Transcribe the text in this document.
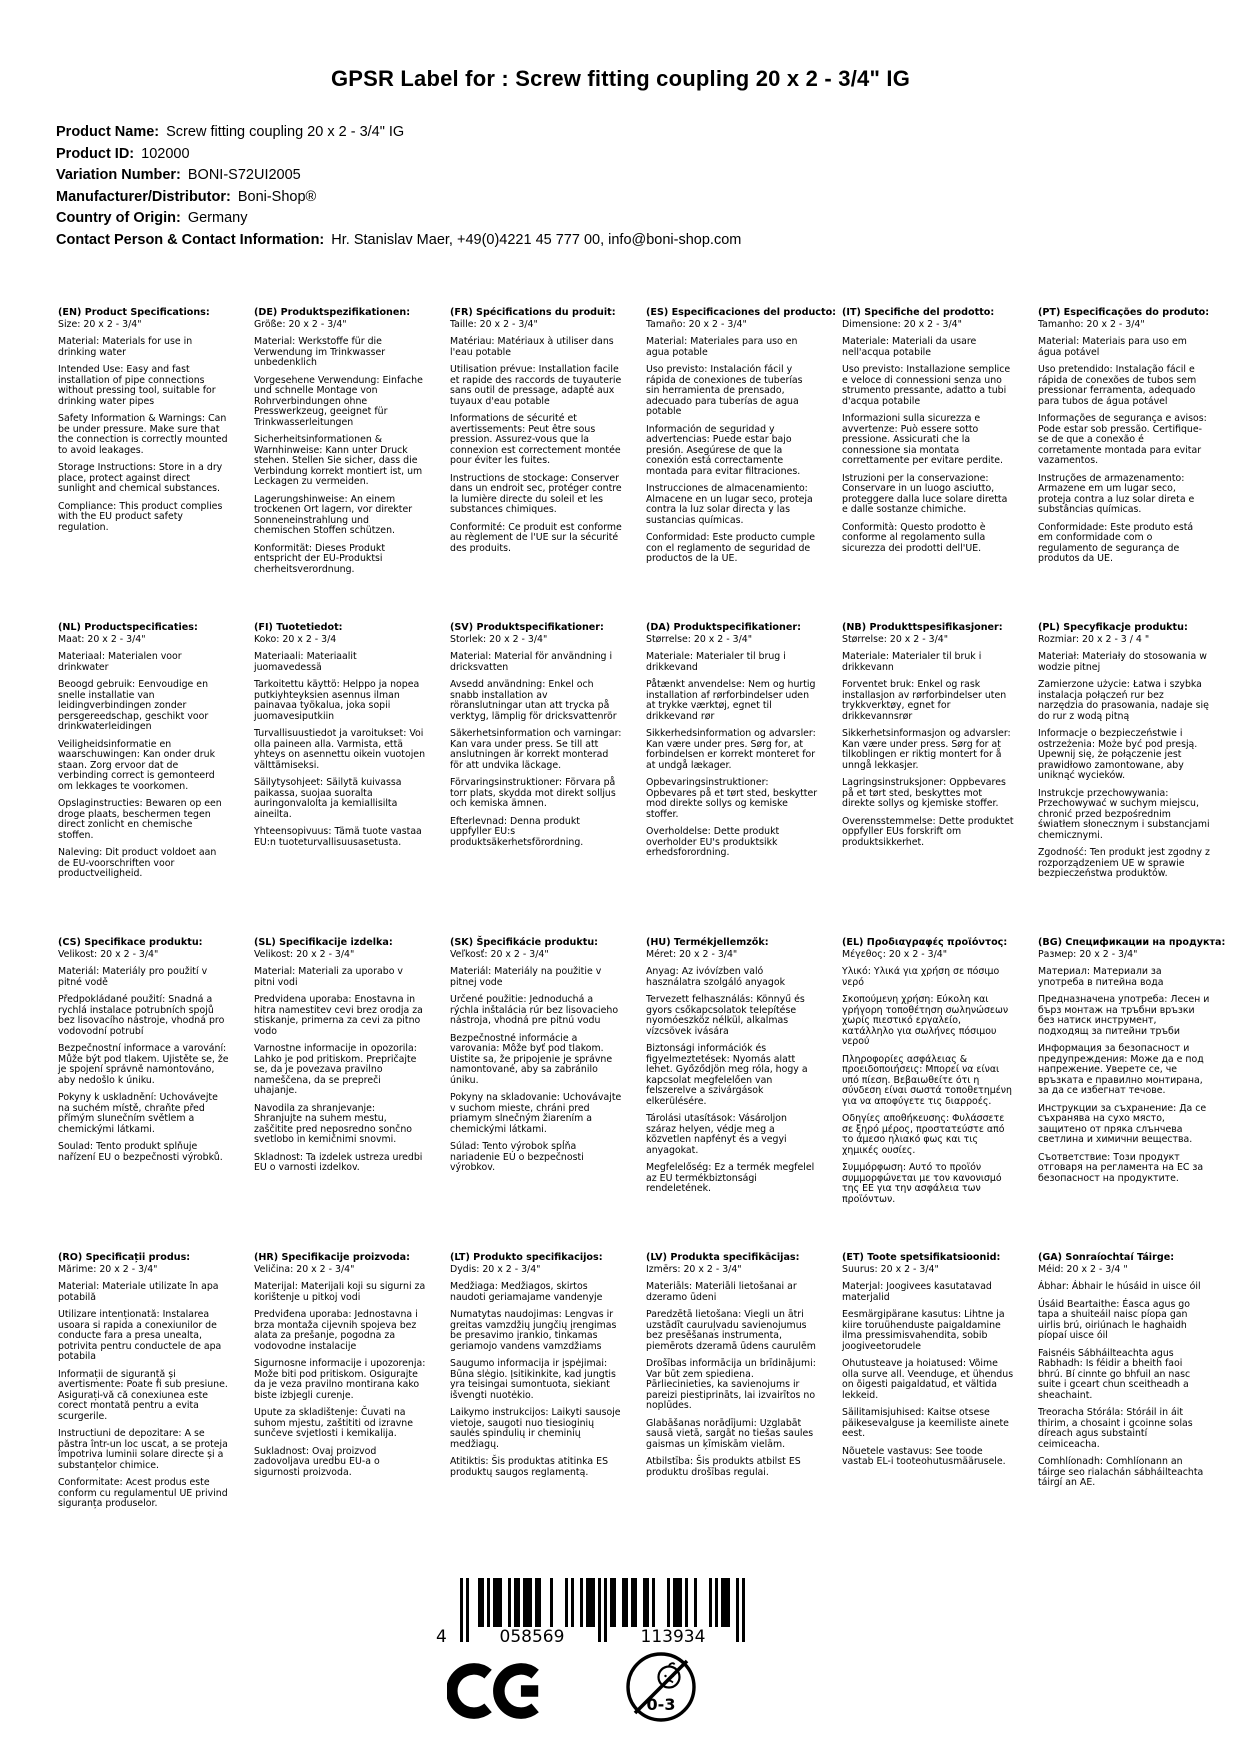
GPSR Label for : Screw fitting coupling 20 x 2 - 3/4" IG
Product Name: Screw fitting coupling 20 x 2 - 3/4" IG
Product ID: 102000
Variation Number: BONI-S72UI2005
Manufacturer/Distributor: Boni-Shop®
Country of Origin: Germany
Contact Person & Contact Information: Hr. Stanislav Maer, +49(0)4221 45 777 00, info@boni-shop.com
(EN) Product Specifications:

Size: 20 x 2 - 3/4"

Material: Materials for use in drinking water

Intended Use: Easy and fast installation of pipe connections without pressing tool, suitable for drinking water pipes

Safety Information & Warnings: Can be under pressure. Make sure that the connection is correctly mounted to avoid leakages.

Storage Instructions: Store in a dry place, protect against direct sunlight and chemical substances.

Compliance: This product complies with the EU product safety regulation.

(DE) Produktspezifikationen:

Größe: 20 x 2 - 3/4"

Material: Werkstoffe für die Verwendung im Trinkwasser unbedenklich

Vorgesehene Verwendung: Einfache und schnelle Montage von Rohrverbindungen ohne Presswerkzeug, geeignet für Trinkwasserleitungen

Sicherheitsinformationen & Warnhinweise: Kann unter Druck stehen. Stellen Sie sicher, dass die Verbindung korrekt montiert ist, um Leckagen zu vermeiden.

Lagerungshinweise: An einem trockenen Ort lagern, vor direkter Sonneneinstrahlung und chemischen Stoffen schützen.

Konformität: Dieses Produkt entspricht der EU-Produktsi cherheitsverordnung.

(FR) Spécifications du produit:

Taille: 20 x 2 - 3/4"

Matériau: Matériaux à utiliser dans l'eau potable

Utilisation prévue: Installation facile et rapide des raccords de tuyauterie sans outil de pressage, adapté aux tuyaux d'eau potable

Informations de sécurité et avertissements: Peut être sous pression. Assurez-vous que la connexion est correctement montée pour éviter les fuites.

Instructions de stockage: Conserver dans un endroit sec, protéger contre la lumière directe du soleil et les substances chimiques.

Conformité: Ce produit est conforme au règlement de l'UE sur la sécurité des produits.

(ES) Especificaciones del producto:

Tamaño: 20 x 2 - 3/4"

Material: Materiales para uso en agua potable

Uso previsto: Instalación fácil y rápida de conexiones de tuberías sin herramienta de prensado, adecuado para tuberías de agua potable

Información de seguridad y advertencias: Puede estar bajo presión. Asegúrese de que la conexión está correctamente montada para evitar filtraciones.

Instrucciones de almacenamiento: Almacene en un lugar seco, proteja contra la luz solar directa y las sustancias químicas.

Conformidad: Este producto cumple con el reglamento de seguridad de productos de la UE.

(IT) Specifiche del prodotto:

Dimensione: 20 x 2 - 3/4"

Materiale: Materiali da usare nell'acqua potabile

Uso previsto: Installazione semplice e veloce di connessioni senza uno strumento pressante, adatto a tubi d'acqua potabile

Informazioni sulla sicurezza e avvertenze: Può essere sotto pressione. Assicurati che la connessione sia montata correttamente per evitare perdite.

Istruzioni per la conservazione: Conservare in un luogo asciutto, proteggere dalla luce solare diretta e dalle sostanze chimiche.

Conformità: Questo prodotto è conforme al regolamento sulla sicurezza dei prodotti dell'UE.

(PT) Especificações do produto:

Tamanho: 20 x 2 - 3/4"

Material: Materiais para uso em água potável

Uso pretendido: Instalação fácil e rápida de conexões de tubos sem pressionar ferramenta, adequado para tubos de água potável

Informações de segurança e avisos: Pode estar sob pressão. Certifique-se de que a conexão é corretamente montada para evitar vazamentos.

Instruções de armazenamento: Armazene em um lugar seco, proteja contra a luz solar direta e substâncias químicas.

Conformidade: Este produto está em conformidade com o regulamento de segurança de produtos da UE.

(NL) Productspecificaties:

Maat: 20 x 2 - 3/4"

Materiaal: Materialen voor drinkwater

Beoogd gebruik: Eenvoudige en snelle installatie van leidingverbindingen zonder persgereedschap, geschikt voor drinkwaterleidingen

Veiligheidsinformatie en waarschuwingen: Kan onder druk staan. Zorg ervoor dat de verbinding correct is gemonteerd om lekkages te voorkomen.

Opslaginstructies: Bewaren op een droge plaats, beschermen tegen direct zonlicht en chemische stoffen.

Naleving: Dit product voldoet aan de EU-voorschriften voor productveiligheid.

(FI) Tuotetiedot:

Koko: 20 x 2 - 3/4

Materiaali: Materiaalit juomavedessä

Tarkoitettu käyttö: Helppo ja nopea putkiyhteyksien asennus ilman painavaa työkalua, joka sopii juomavesiputkiin

Turvallisuustiedot ja varoitukset: Voi olla paineen alla. Varmista, että yhteys on asennettu oikein vuotojen välttämiseksi.

Säilytysohjeet: Säilytä kuivassa paikassa, suojaa suoralta auringonvalolta ja kemiallisilta aineilta.

Yhteensopivuus: Tämä tuote vastaa EU:n tuoteturvallisuusasetusta.

(SV) Produktspecifikationer:

Storlek: 20 x 2 - 3/4"

Material: Material för användning i dricksvatten

Avsedd användning: Enkel och snabb installation av röranslutningar utan att trycka på verktyg, lämplig för dricksvattenrör

Säkerhetsinformation och varningar: Kan vara under press. Se till att anslutningen är korrekt monterad för att undvika läckage.

Förvaringsinstruktioner: Förvara på torr plats, skydda mot direkt solljus och kemiska ämnen.

Efterlevnad: Denna produkt uppfyller EU:s produktsäkerhetsförordning.

(DA) Produktspecifikationer:

Størrelse: 20 x 2 - 3/4"

Materiale: Materialer til brug i drikkevand

Påtænkt anvendelse: Nem og hurtig installation af rørforbindelser uden at trykke værktøj, egnet til drikkevand rør

Sikkerhedsinformation og advarsler: Kan være under pres. Sørg for, at forbindelsen er korrekt monteret for at undgå lækager.

Opbevaringsinstruktioner: Opbevares på et tørt sted, beskytter mod direkte sollys og kemiske stoffer.

Overholdelse: Dette produkt overholder EU's produktsikk erhedsforordning.

(NB) Produkttspesifikasjoner:

Størrelse: 20 x 2 - 3/4"

Materiale: Materialer til bruk i drikkevann

Forventet bruk: Enkel og rask installasjon av rørforbindelser uten trykkverktøy, egnet for drikkevannsrør

Sikkerhetsinformasjon og advarsler: Kan være under press. Sørg for at tilkoblingen er riktig montert for å unngå lekkasjer.

Lagringsinstruksjoner: Oppbevares på et tørt sted, beskyttes mot direkte sollys og kjemiske stoffer.

Overensstemmelse: Dette produktet oppfyller EUs forskrift om produktsikkerhet.

(PL) Specyfikacje produktu:

Rozmiar: 20 x 2 - 3 / 4 "

Materiał: Materiały do stosowania w wodzie pitnej

Zamierzone użycie: Łatwa i szybka instalacja połączeń rur bez narzędzia do prasowania, nadaje się do rur z wodą pitną

Informacje o bezpieczeństwie i ostrzeżenia: Może być pod presją. Upewnij się, że połączenie jest prawidłowo zamontowane, aby uniknąć wycieków.

Instrukcje przechowywania: Przechowywać w suchym miejscu, chronić przed bezpośrednim światłem słonecznym i substancjami chemicznymi.

Zgodność: Ten produkt jest zgodny z rozporządzeniem UE w sprawie bezpieczeństwa produktów.

(CS) Specifikace produktu:

Velikost: 20 x 2 - 3/4"

Materiál: Materiály pro použití v pitné vodě

Předpokládané použití: Snadná a rychlá instalace potrubních spojů bez lisovacího nástroje, vhodná pro vodovodní potrubí

Bezpečnostní informace a varování: Může být pod tlakem. Ujistěte se, že je spojení správně namontováno, aby nedošlo k úniku.

Pokyny k uskladnění: Uchovávejte na suchém místě, chraňte před přímým slunečním světlem a chemickými látkami.

Soulad: Tento produkt splňuje nařízení EU o bezpečnosti výrobků.

(SL) Specifikacije izdelka:

Velikost: 20 x 2 - 3/4"

Material: Materiali za uporabo v pitni vodi

Predvidena uporaba: Enostavna in hitra namestitev cevi brez orodja za stiskanje, primerna za cevi za pitno vodo

Varnostne informacije in opozorila: Lahko je pod pritiskom. Prepričajte se, da je povezava pravilno nameščena, da se prepreči uhajanje.

Navodila za shranjevanje: Shranjujte na suhem mestu, zaščitite pred neposredno sončno svetlobo in kemičnimi snovmi.

Skladnost: Ta izdelek ustreza uredbi EU o varnosti izdelkov.

(SK) Špecifikácie produktu:

Veľkosť: 20 x 2 - 3/4"

Materiál: Materiály na použitie v pitnej vode

Určené použitie: Jednoduchá a rýchla inštalácia rúr bez lisovacieho nástroja, vhodná pre pitnú vodu

Bezpečnostné informácie a varovania: Môže byť pod tlakom. Uistite sa, že pripojenie je správne namontované, aby sa zabránilo úniku.

Pokyny na skladovanie: Uchovávajte v suchom mieste, chráni pred priamym slnečným žiarením a chemickými látkami.

Súlad: Tento výrobok spĺňa nariadenie EÚ o bezpečnosti výrobkov.

(HU) Termékjellemzők:

Méret: 20 x 2 - 3/4"

Anyag: Az ivóvízben való használatra szolgáló anyagok

Tervezett felhasználás: Könnyű és gyors csőkapcsolatok telepítése nyomóeszköz nélkül, alkalmas vízcsövek ivására

Biztonsági információk és figyelmeztetések: Nyomás alatt lehet. Győződjön meg róla, hogy a kapcsolat megfelelően van felszerelve a szivárgások elkerülésére.

Tárolási utasítások: Vásároljon száraz helyen, védje meg a közvetlen napfényt és a vegyi anyagokat.

Megfelelőség: Ez a termék megfelel az EU termékbiztonsági rendeletének.

(EL) Προδιαγραφές προϊόντος:

Μέγεθος: 20 x 2 - 3/4"

Υλικό: Υλικά για χρήση σε πόσιμο νερό

Σκοπούμενη χρήση: Εύκολη και γρήγορη τοποθέτηση σωληνώσεων χωρίς πιεστικό εργαλείο, κατάλληλο για σωλήνες πόσιμου νερού

Πληροφορίες ασφάλειας & προειδοποιήσεις: Μπορεί να είναι υπό πίεση. Βεβαιωθείτε ότι η σύνδεση είναι σωστά τοποθετημένη για να αποφύγετε τις διαρροές.

Οδηγίες αποθήκευσης: Φυλάσσετε σε ξηρό μέρος, προστατεύστε από το άμεσο ηλιακό φως και τις χημικές ουσίες.

Συμμόρφωση: Αυτό το προϊόν συμμορφώνεται με τον κανονισμό της ΕΕ για την ασφάλεια των προϊόντων.

(BG) Спецификации на продукта:

Размер: 20 x 2 - 3/4"

Материал: Материали за употреба в питейна вода

Предназначена употреба: Лесен и бърз монтаж на тръбни връзки без натиск инструмент, подходящ за питейни тръби

Информация за безопасност и предупреждения: Може да е под напрежение. Уверете се, че връзката е правилно монтирана, за да се избегнат течове.

Инструкции за съхранение: Да се съхранява на сухо място, защитено от пряка слънчева светлина и химични вещества.

Съответствие: Този продукт отговаря на регламента на ЕС за безопасност на продуктите.

(RO) Specificații produs:

Mărime: 20 x 2 - 3/4"

Material: Materiale utilizate în apa potabilă

Utilizare intenționată: Instalarea usoara si rapida a conexiunilor de conducte fara a presa unealta, potrivita pentru conductele de apa potabila

Informații de siguranță și avertismente: Poate fi sub presiune. Asigurați-vă că conexiunea este corect montată pentru a evita scurgerile.

Instructiuni de depozitare: A se păstra într-un loc uscat, a se proteja împotriva luminii solare directe și a substanțelor chimice.

Conformitate: Acest produs este conform cu regulamentul UE privind siguranța produselor.

(HR) Specifikacije proizvoda:

Veličina: 20 x 2 - 3/4"

Materijal: Materijali koji su sigurni za korištenje u pitkoj vodi

Predviđena uporaba: Jednostavna i brza montaža cijevnih spojeva bez alata za prešanje, pogodna za vodovodne instalacije

Sigurnosne informacije i upozorenja: Može biti pod pritiskom. Osigurajte da je veza pravilno montirana kako biste izbjegli curenje.

Upute za skladištenje: Čuvati na suhom mjestu, zaštititi od izravne sunčeve svjetlosti i kemikalija.

Sukladnost: Ovaj proizvod zadovoljava uredbu EU-a o sigurnosti proizvoda.

(LT) Produkto specifikacijos:

Dydis: 20 x 2 - 3/4"

Medžiaga: Medžiagos, skirtos naudoti geriamajame vandenyje

Numatytas naudojimas: Lengvas ir greitas vamzdžių jungčių įrengimas be presavimo įrankio, tinkamas geriamojo vandens vamzdžiams

Saugumo informacija ir įspėjimai: Būna slėgio. Įsitikinkite, kad jungtis yra teisingai sumontuota, siekiant išvengti nuotėkio.

Laikymo instrukcijos: Laikyti sausoje vietoje, saugoti nuo tiesioginių saulės spindulių ir cheminių medžiagų.

Atitiktis: Šis produktas atitinka ES produktų saugos reglamentą.

(LV) Produkta specifikācijas:

Izmērs: 20 x 2 - 3/4"

Materiāls: Materiāli lietošanai ar dzeramo ūdeni

Paredzētā lietošana: Viegli un ātri uzstādīt cauruļvadu savienojumus bez presēšanas instrumenta, piemērots dzeramā ūdens caurulēm

Drošības informācija un brīdinājumi: Var būt zem spiediena. Pārliecinieties, ka savienojums ir pareizi piestiprināts, lai izvairītos no noplūdes.

Glabāšanas norādījumi: Uzglabāt sausā vietā, sargāt no tiešas saules gaismas un ķīmiskām vielām.

Atbilstība: Šis produkts atbilst ES produktu drošības regulai.

(ET) Toote spetsifikatsioonid:

Suurus: 20 x 2 - 3/4"

Materjal: Joogivees kasutatavad materjalid

Eesmärgipärane kasutus: Lihtne ja kiire toruühenduste paigaldamine ilma pressimisvahendita, sobib joogiveetorudele

Ohutusteave ja hoiatused: Võime olla surve all. Veenduge, et ühendus on õigesti paigaldatud, et vältida lekkeid.

Säilitamisjuhised: Kaitse otsese päikesevalguse ja keemiliste ainete eest.

Nõuetele vastavus: See toode vastab EL-i tooteohutusmäärusele.

(GA) Sonraíochtaí Táirge:

Méid: 20 x 2 - 3/4 "

Ábhar: Ábhair le húsáid in uisce óil

Úsáid Beartaithe: Éasca agus go tapa a shuiteáil naisc píopa gan uirlis brú, oiriúnach le haghaidh píopaí uisce óil

Faisnéis Sábháilteachta agus Rabhadh: Is féidir a bheith faoi bhrú. Bí cinnte go bhfuil an nasc suite i gceart chun sceitheadh a sheachaint.

Treoracha Stórála: Stóráil in áit thirim, a chosaint i gcoinne solas díreach agus substaintí ceimiceacha.

Comhlíonadh: Comhlíonann an táirge seo rialachán sábháilteachta táirgí an AE.

4	058569	113934
0-3
